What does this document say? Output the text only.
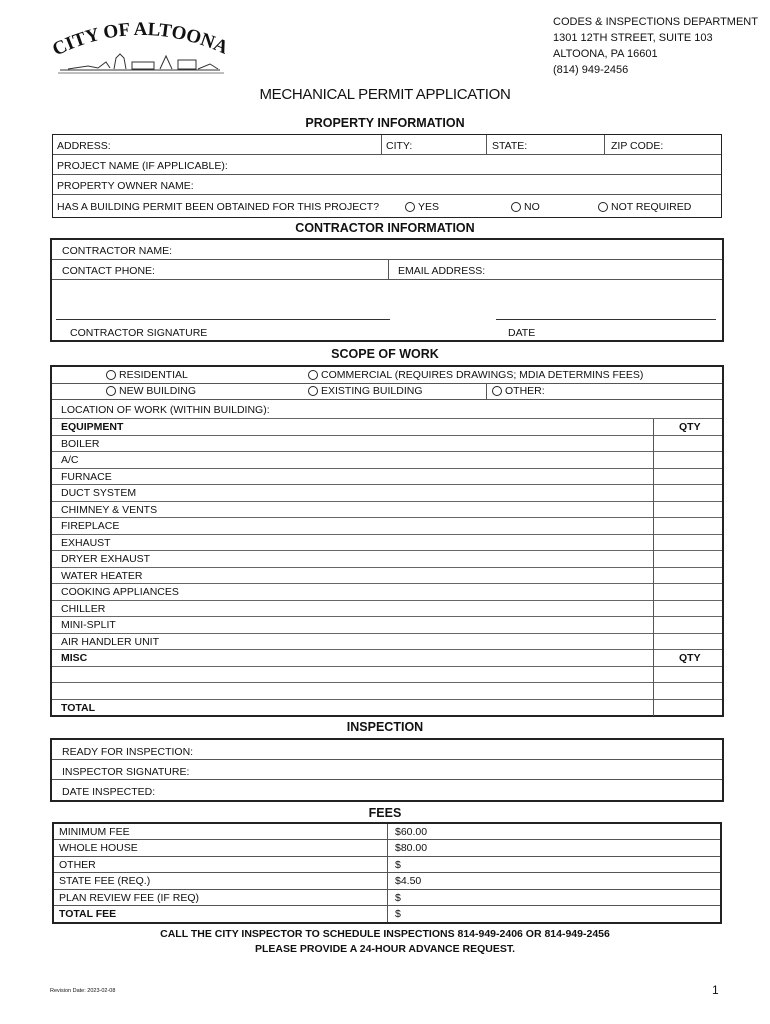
CITY OF ALTOON
CODES & INSPECTIONS DEPARTMENT
1301 12TH STREET, SUITE 103
ALTOONA, PA 16601
(814) 949-2456
MECHANICAL PERMIT APPLICATION
PROPERTY INFORMATION
ADDRESS:	CITY:	STATE:	ZIP CODE:
PROJECT NAME (IF APPLICABLE):
PROPERTY OWNER NAME:
HAS A BUILDING PERMIT BEEN OBTAINED FOR THIS PROJECT?	YES	NO	NOT REQUIRED
CONTRACTOR INFORMATION
CONTRACTOR NAME:
CONTACT PHONE:	EMAIL ADDRESS:
CONTRACTOR SIGNATURE	DATE
SCOPE OF WORK
RESIDENTIAL	COMMERCIAL (REQUIRES DRAWINGS; MDIA DETERMINS FEES)
NEW BUILDING	EXISTING BUILDING	OTHER:
LOCATION OF WORK (WITHIN BUILDING):
EQUIPMENT	QTY
BOILER
A/C
FURNACE
DUCT SYSTEM
CHIMNEY & VENTS
FIREPLACE
EXHAUST
DRYER EXHAUST
WATER HEATER
COOKING APPLIANCES
CHILLER
MINI-SPLIT
AIR HANDLER UNIT
MISC	QTY
TOTAL
INSPECTION
READY FOR INSPECTION:
INSPECTOR SIGNATURE:
DATE INSPECTED:
FEES
MINIMUM FEE	$60.00
WHOLE HOUSE	$80.00
OTHER	$
STATE FEE (REQ.)	$4.50
PLAN REVIEW FEE (IF REQ)	$
TOTAL FEE	$
CALL THE CITY INSPECTOR TO SCHEDULE INSPECTIONS 814-949-2406 OR 814-949-2456
PLEASE PROVIDE A 24-HOUR ADVANCE REQUEST.
Revision Date: 2023-02-08	1
